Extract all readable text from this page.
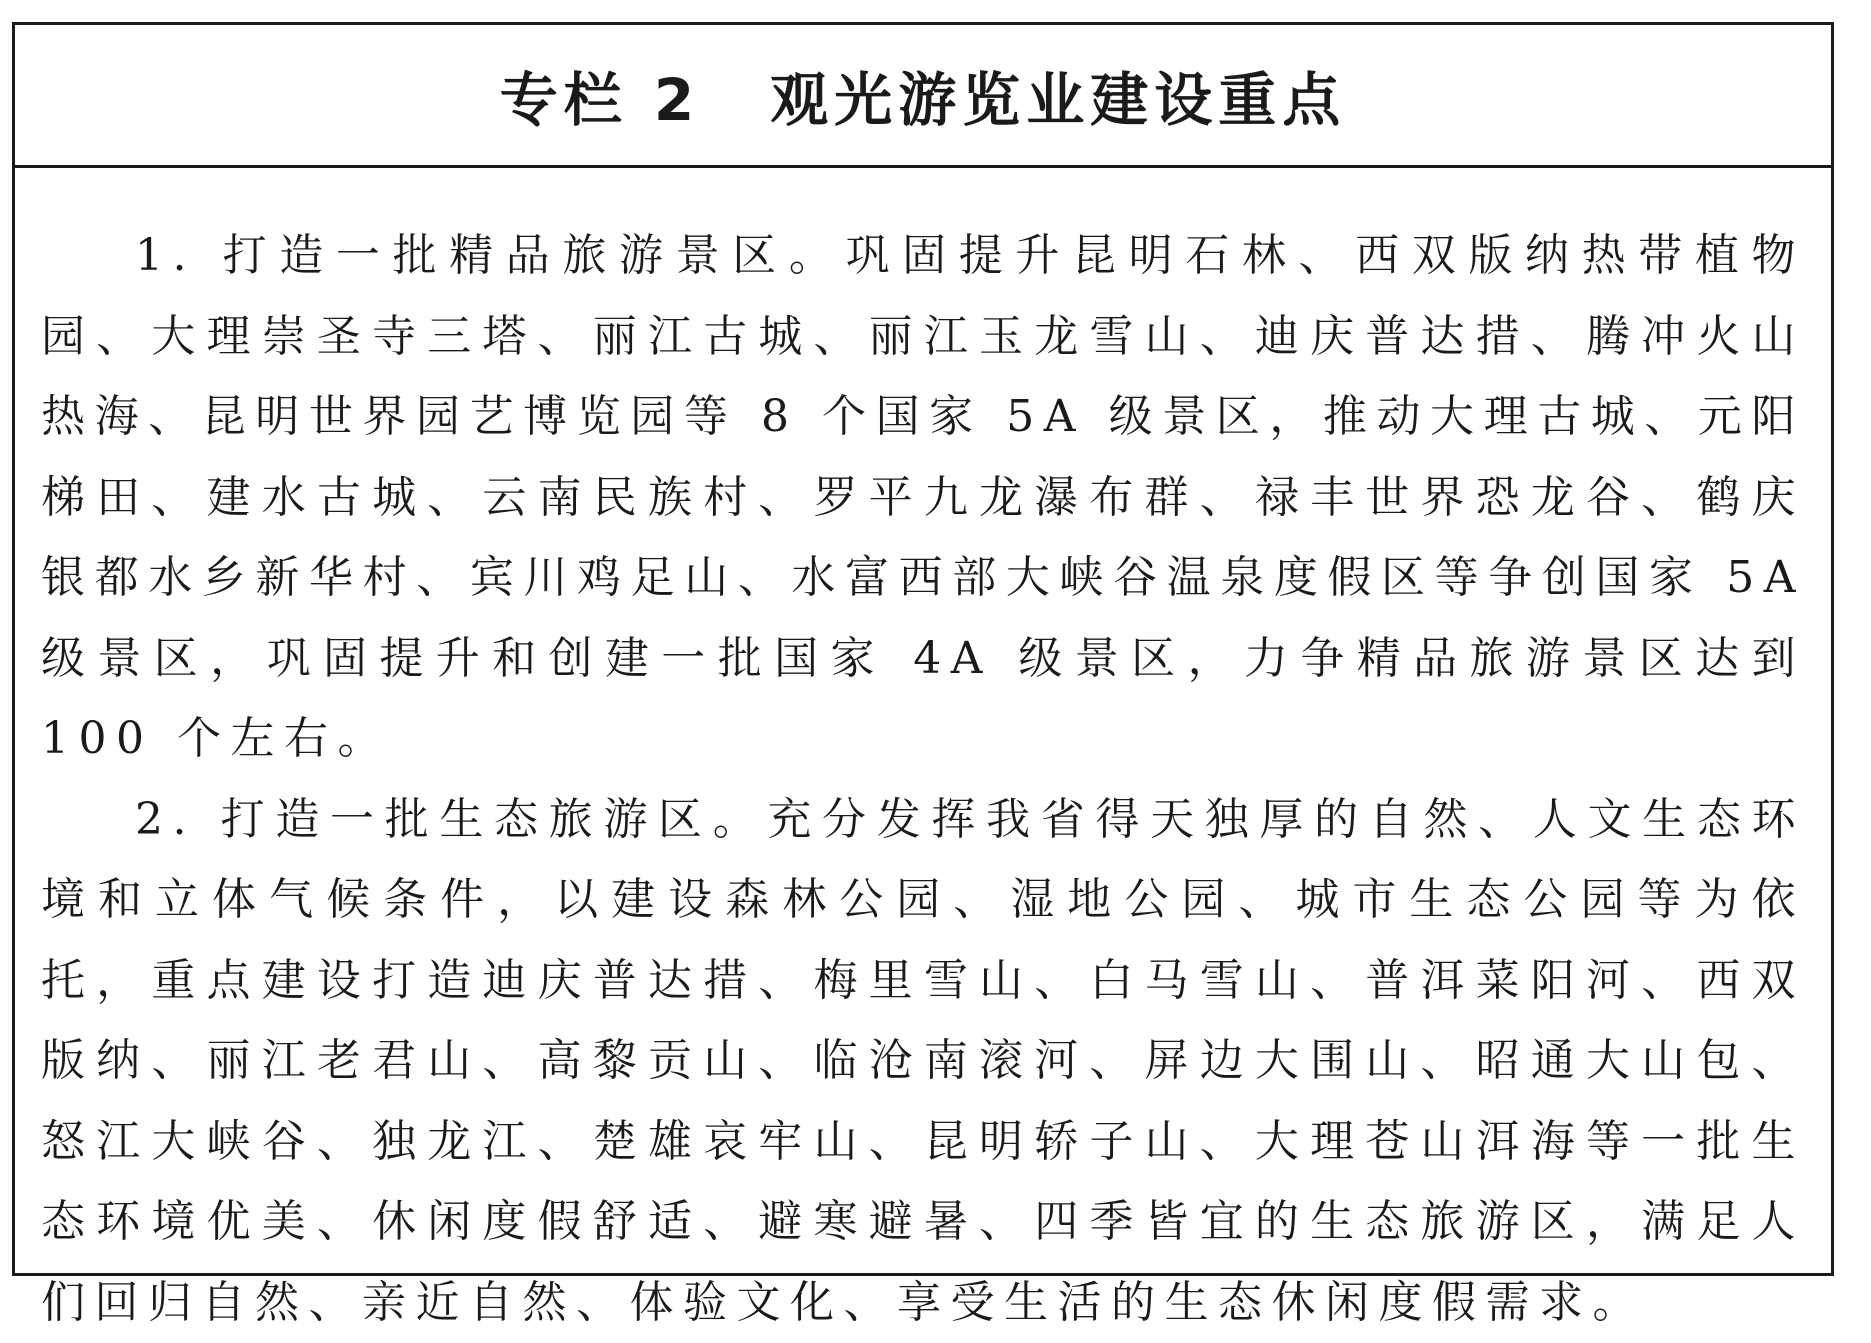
专栏 2 观光游览业建设重点

1. 打造一批精品旅游景区。巩固提升昆明石林、西双版纳热带植物园、大理崇圣寺三塔、丽江古城、丽江玉龙雪山、迪庆普达措、腾冲火山热海、昆明世界园艺博览园等 8 个国家 5A 级景区，推动大理古城、元阳梯田、建水古城、云南民族村、罗平九龙瀑布群、禄丰世界恐龙谷、鹤庆银都水乡新华村、宾川鸡足山、水富西部大峡谷温泉度假区等争创国家 5A 级景区，巩固提升和创建一批国家 4A 级景区，力争精品旅游景区达到 100 个左右。

2. 打造一批生态旅游区。充分发挥我省得天独厚的自然、人文生态环境和立体气候条件，以建设森林公园、湿地公园、城市生态公园等为依托，重点建设打造迪庆普达措、梅里雪山、白马雪山、普洱菜阳河、西双版纳、丽江老君山、高黎贡山、临沧南滚河、屏边大围山、昭通大山包、怒江大峡谷、独龙江、楚雄哀牢山、昆明轿子山、大理苍山洱海等一批生态环境优美、休闲度假舒适、避寒避暑、四季皆宜的生态旅游区，满足人们回归自然、亲近自然、体验文化、享受生活的生态休闲度假需求。
